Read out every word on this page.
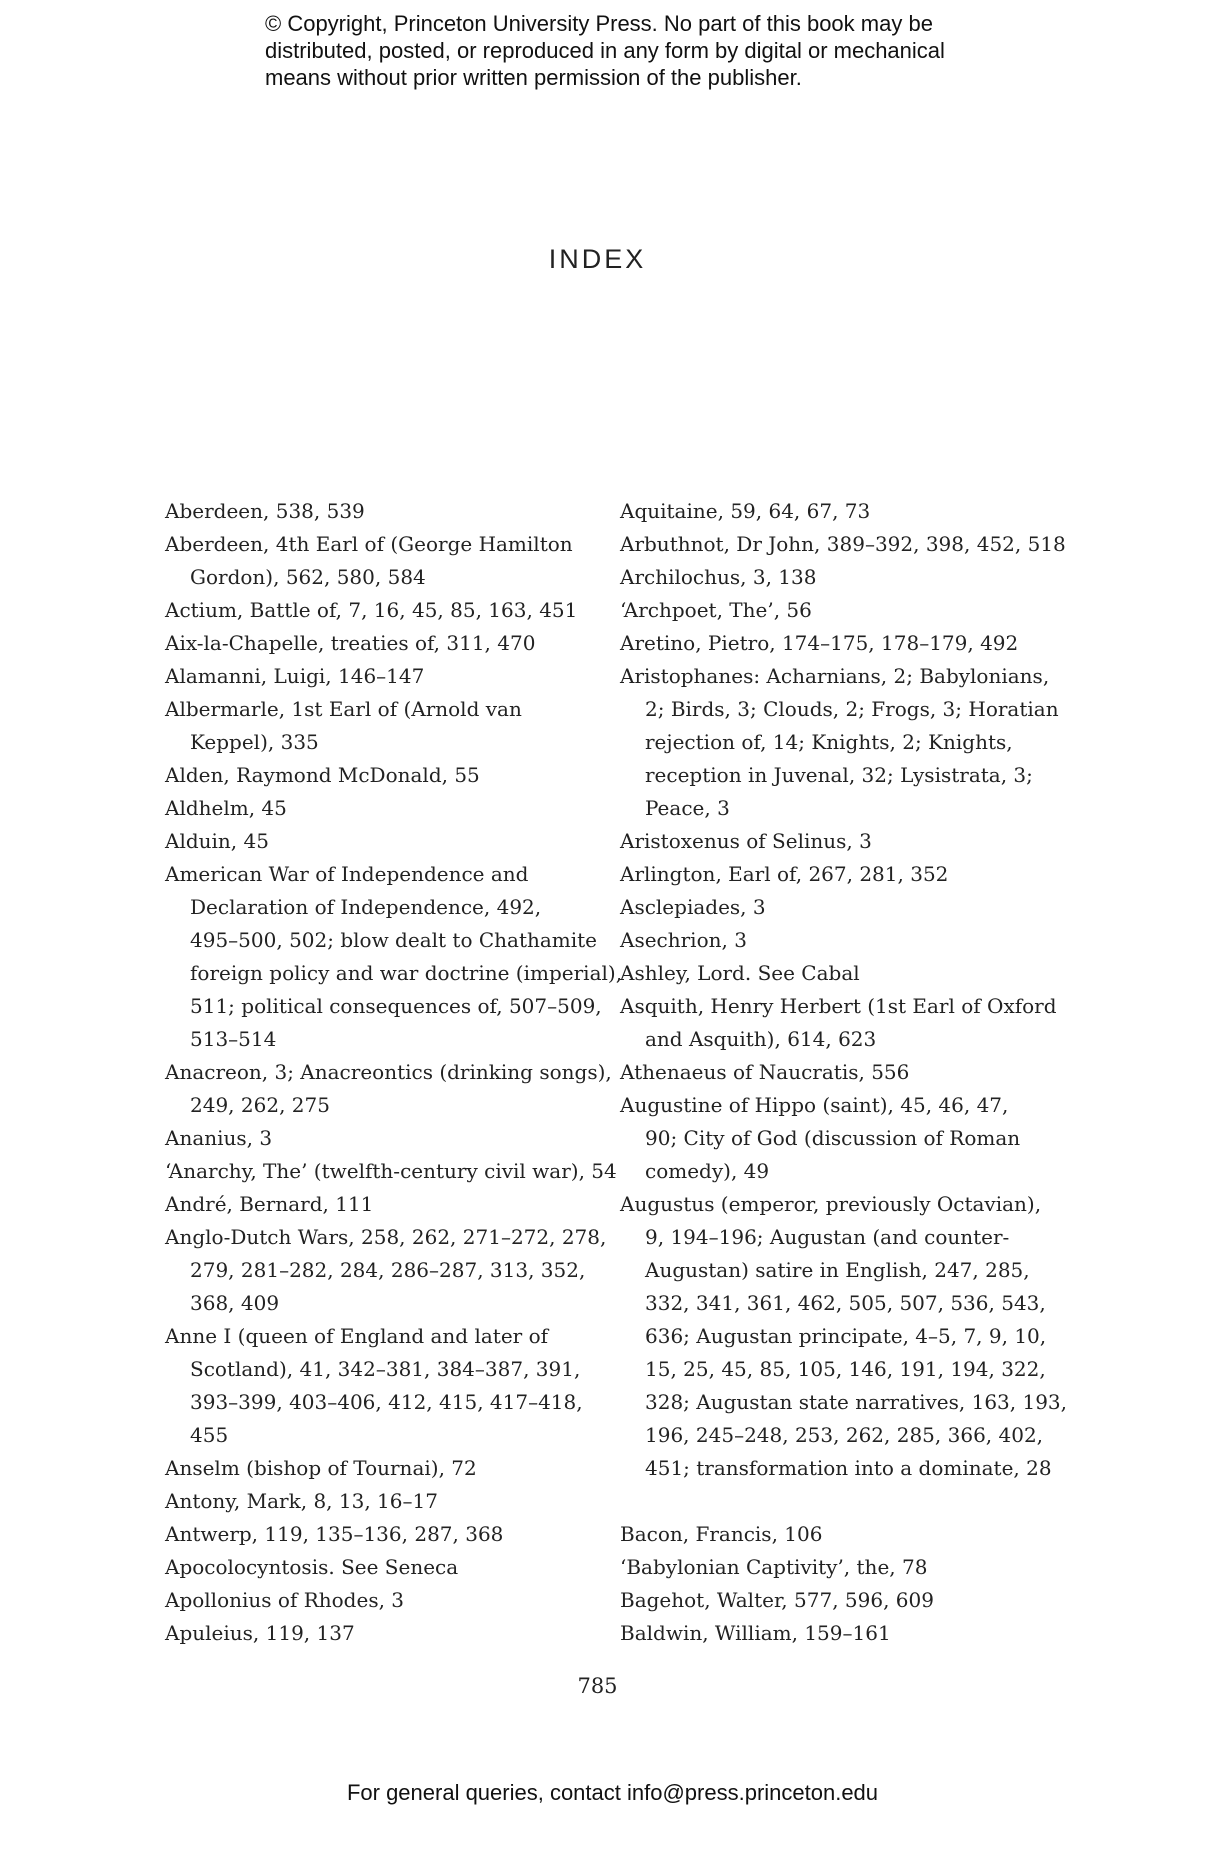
© Copyright, Princeton University Press. No part of this book may be
distributed, posted, or reproduced in any form by digital or mechanical
means without prior written permission of the publisher.
INDEX
Aberdeen, 538, 539
Aberdeen, 4th Earl of (George Hamilton
Gordon), 562, 580, 584
Actium, Battle of, 7, 16, 45, 85, 163, 451
Aix-la-Chapelle, treaties of, 311, 470
Alamanni, Luigi, 146–147
Albermarle, 1st Earl of (Arnold van
Keppel), 335
Alden, Raymond McDonald, 55
Aldhelm, 45
Alduin, 45
American War of Independence and
Declaration of Independence, 492,
495–500, 502; blow dealt to Chathamite
foreign policy and war doctrine (imperial),
511; political consequences of, 507–509,
513–514
Anacreon, 3; Anacreontics (drinking songs),
249, 262, 275
Ananius, 3
‘Anarchy, The’ (twelfth-century civil war), 54
André, Bernard, 111
Anglo-Dutch Wars, 258, 262, 271–272, 278,
279, 281–282, 284, 286–287, 313, 352,
368, 409
Anne I (queen of England and later of
Scotland), 41, 342–381, 384–387, 391,
393–399, 403–406, 412, 415, 417–418,
455
Anselm (bishop of Tournai), 72
Antony, Mark, 8, 13, 16–17
Antwerp, 119, 135–136, 287, 368
Apocolocyntosis. See Seneca
Apollonius of Rhodes, 3
Apuleius, 119, 137
Aquitaine, 59, 64, 67, 73
Arbuthnot, Dr John, 389–392, 398, 452, 518
Archilochus, 3, 138
‘Archpoet, The’, 56
Aretino, Pietro, 174–175, 178–179, 492
Aristophanes: Acharnians, 2; Babylonians,
2; Birds, 3; Clouds, 2; Frogs, 3; Horatian
rejection of, 14; Knights, 2; Knights,
reception in Juvenal, 32; Lysistrata, 3;
Peace, 3
Aristoxenus of Selinus, 3
Arlington, Earl of, 267, 281, 352
Asclepiades, 3
Asechrion, 3
Ashley, Lord. See Cabal
Asquith, Henry Herbert (1st Earl of Oxford
and Asquith), 614, 623
Athenaeus of Naucratis, 556
Augustine of Hippo (saint), 45, 46, 47,
90; City of God (discussion of Roman
comedy), 49
Augustus (emperor, previously Octavian),
9, 194–196; Augustan (and counter-
Augustan) satire in English, 247, 285,
332, 341, 361, 462, 505, 507, 536, 543,
636; Augustan principate, 4–5, 7, 9, 10,
15, 25, 45, 85, 105, 146, 191, 194, 322,
328; Augustan state narratives, 163, 193,
196, 245–248, 253, 262, 285, 366, 402,
451; transformation into a dominate, 28
Bacon, Francis, 106
‘Babylonian Captivity’, the, 78
Bagehot, Walter, 577, 596, 609
Baldwin, William, 159–161
785
For general queries, contact info@press.princeton.edu
